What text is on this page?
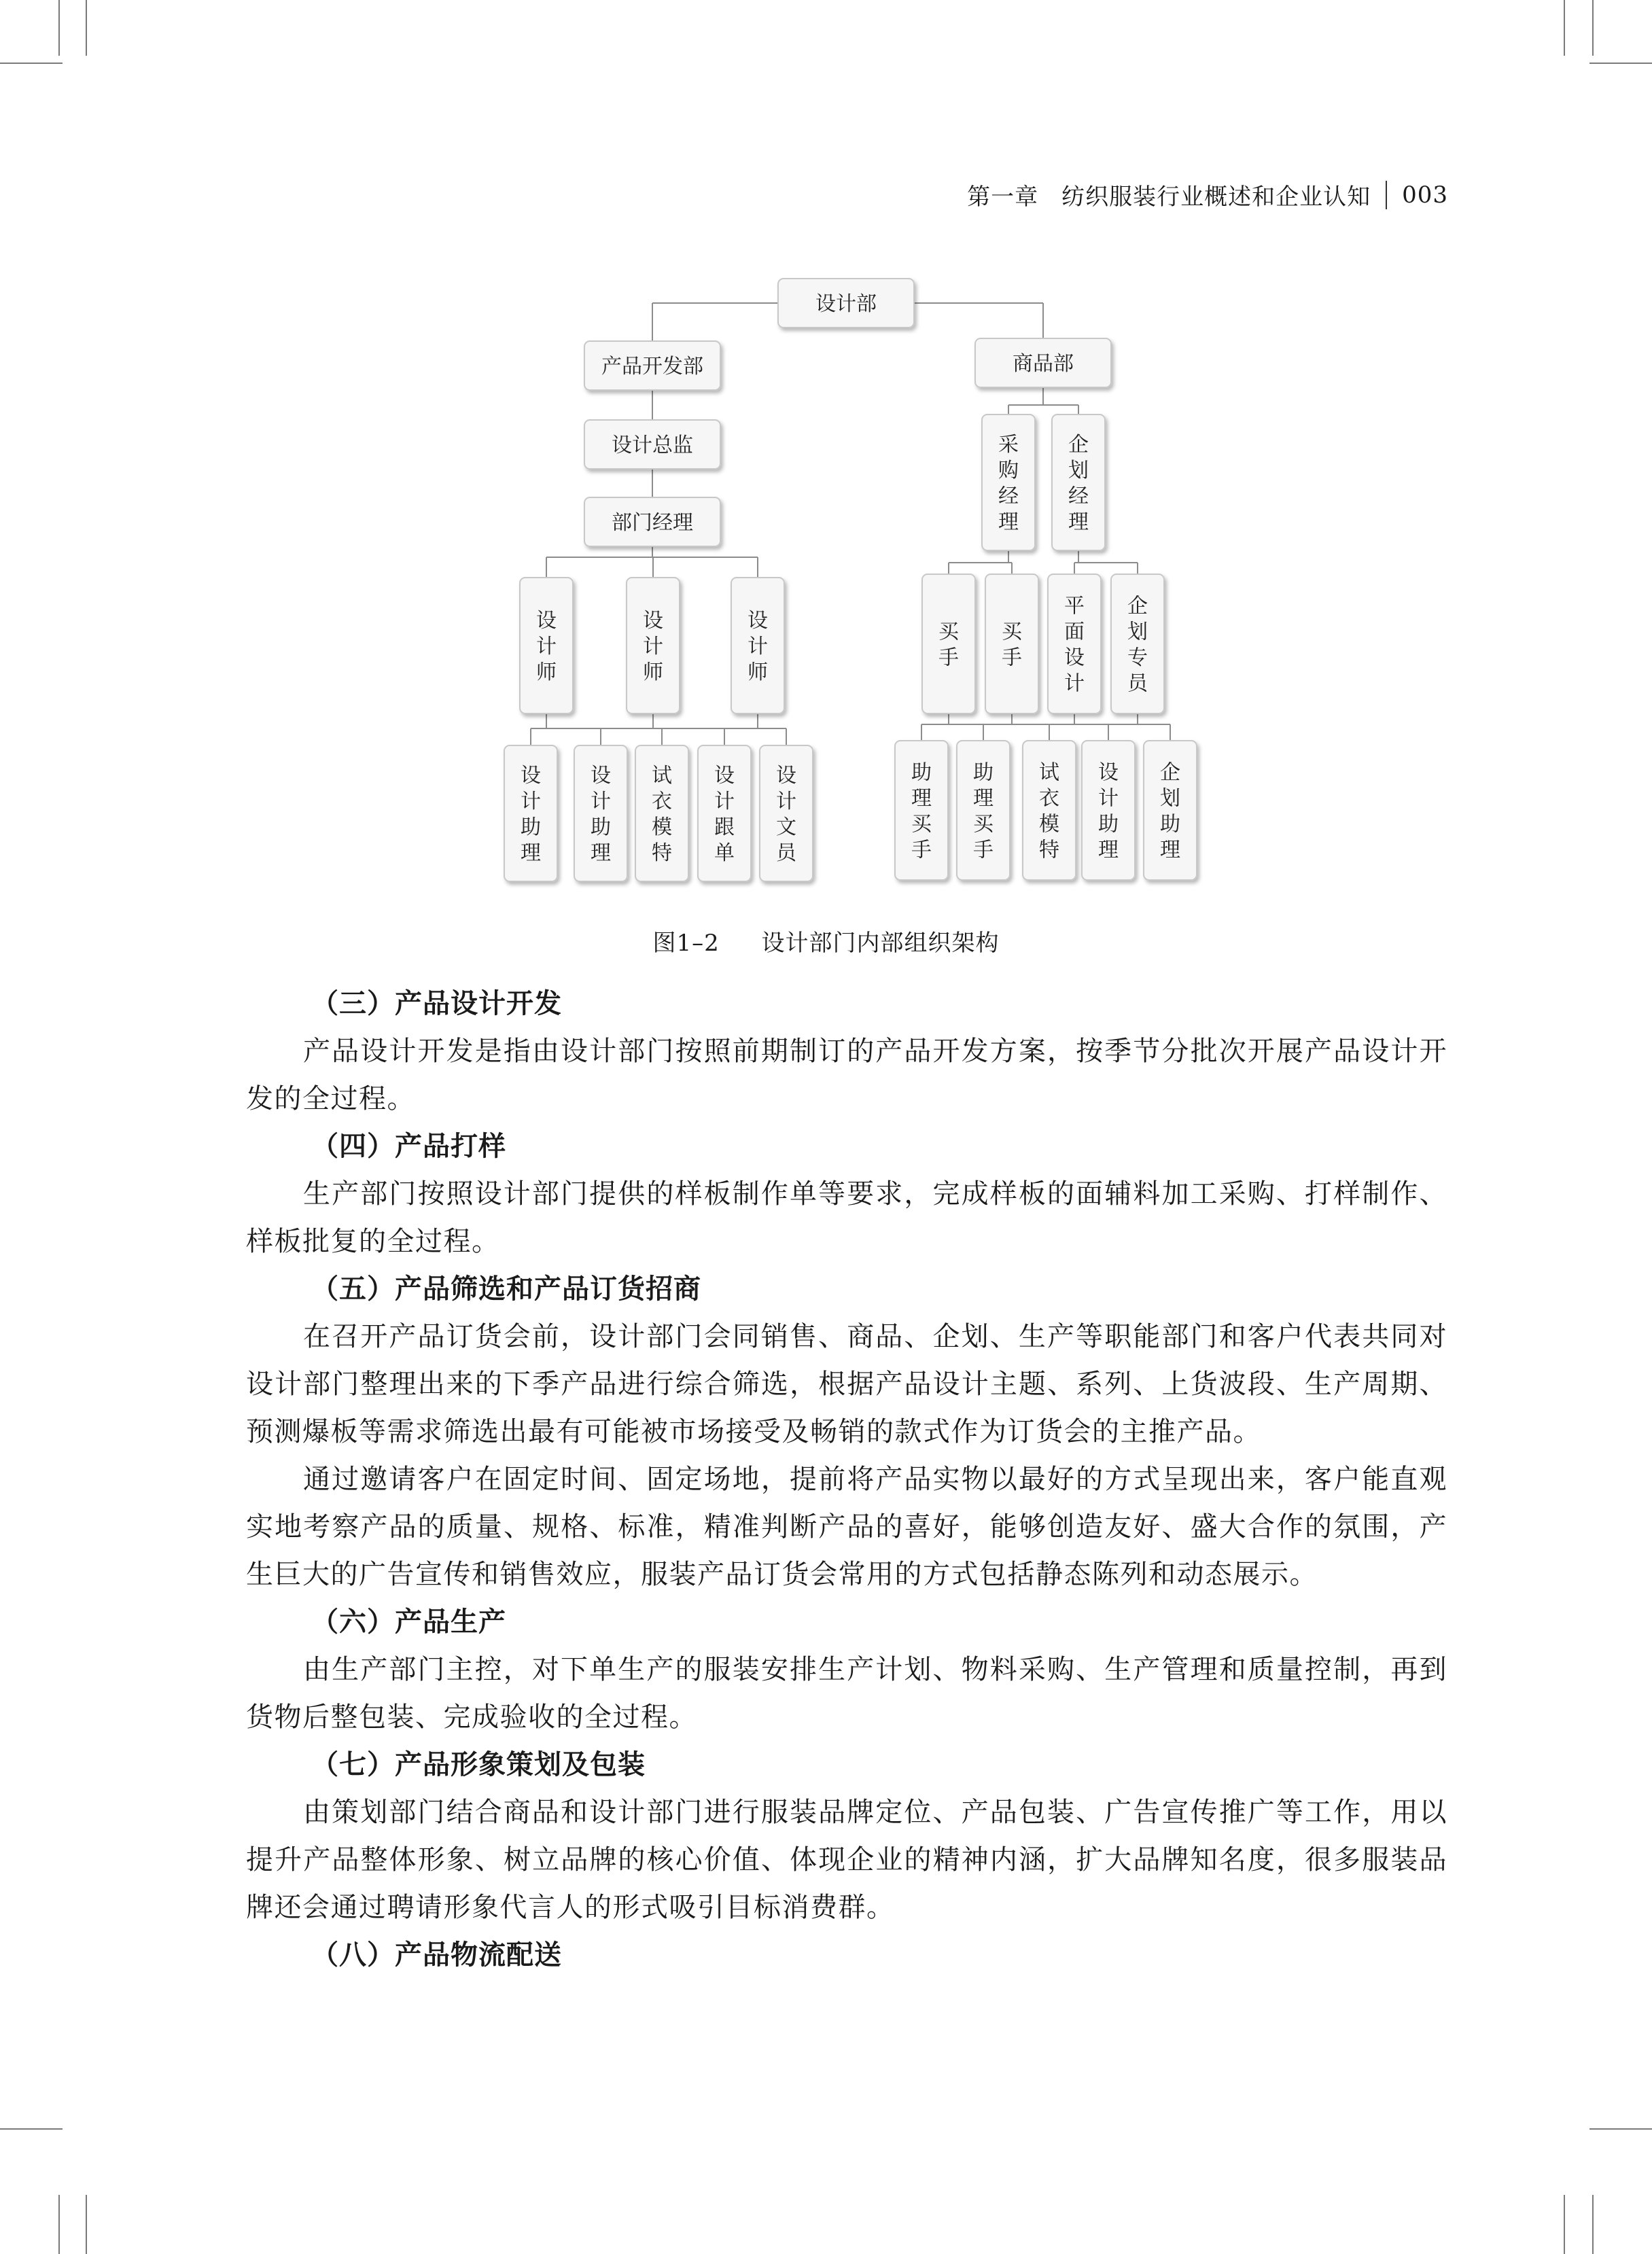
第一章 纺织服装行业概述和企业认知 003
设计部
产品开发部	商品部
设计总监
部门经理
采购经理
企划经理
设计师
设计师
设计师
买手
买手
平面设计
企划专员
设计助理
设计助理
试衣模特
设计跟单
设计文员
助理买手
助理买手
试衣模特
设计助理
企划助理
图1–2 设计部门内部组织架构
（三）产品设计开发

产品设计开发是指由设计部门按照前期制订的产品开发方案，按季节分批次开展产品设计开发的全过程。

（四）产品打样

生产部门按照设计部门提供的样板制作单等要求，完成样板的面辅料加工采购、打样制作、样板批复的全过程。

（五）产品筛选和产品订货招商

在召开产品订货会前，设计部门会同销售、商品、企划、生产等职能部门和客户代表共同对设计部门整理出来的下季产品进行综合筛选，根据产品设计主题、系列、上货波段、生产周期、预测爆板等需求筛选出最有可能被市场接受及畅销的款式作为订货会的主推产品。

通过邀请客户在固定时间、固定场地，提前将产品实物以最好的方式呈现出来，客户能直观实地考察产品的质量、规格、标准，精准判断产品的喜好，能够创造友好、盛大合作的氛围，产生巨大的广告宣传和销售效应，服装产品订货会常用的方式包括静态陈列和动态展示。

（六）产品生产

由生产部门主控，对下单生产的服装安排生产计划、物料采购、生产管理和质量控制，再到货物后整包装、完成验收的全过程。

（七）产品形象策划及包装

由策划部门结合商品和设计部门进行服装品牌定位、产品包装、广告宣传推广等工作，用以提升产品整体形象、树立品牌的核心价值、体现企业的精神内涵，扩大品牌知名度，很多服装品牌还会通过聘请形象代言人的形式吸引目标消费群。

（八）产品物流配送
